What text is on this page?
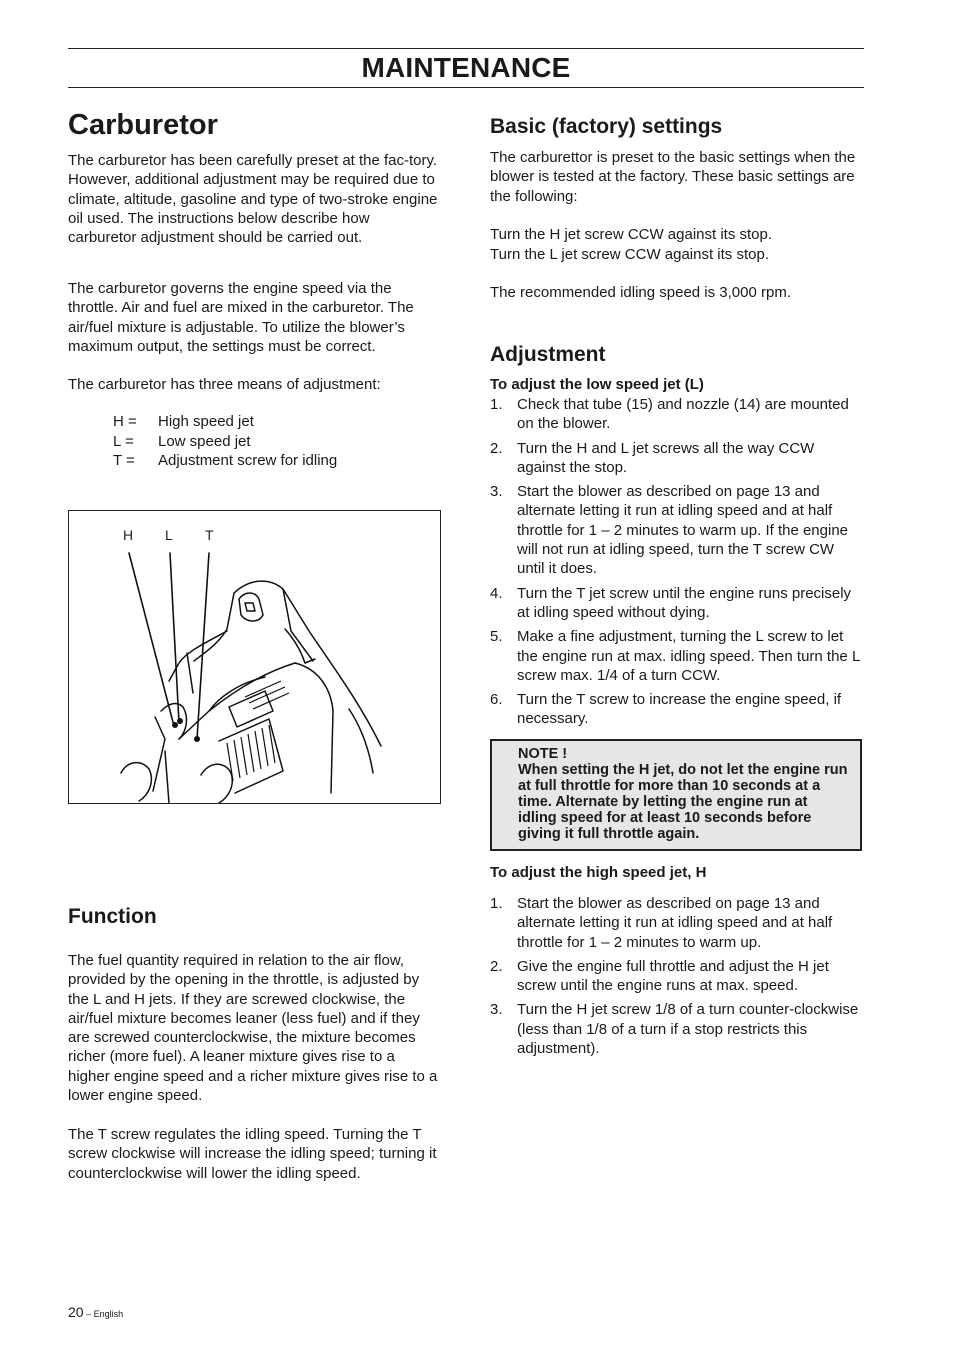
MAINTENANCE
Carburetor

The carburetor has been carefully preset at the fac-tory. However, additional adjustment may be required due to climate, altitude, gasoline and type of two-stroke engine oil used. The instructions below describe how carburetor adjustment should be carried out.

The carburetor governs the engine speed via the throttle. Air and fuel are mixed in the carburetor. The air/fuel mixture is adjustable. To utilize the blower’s maximum output, the settings must be correct.

The carburetor has three means of adjustment:

H =	High speed jet
L =	Low speed jet
T =	Adjustment screw for idling
H L T
Function

The fuel quantity required in relation to the air flow, provided by the opening in the throttle, is adjusted by the L and H jets. If they are screwed clockwise, the air/fuel mixture becomes leaner (less fuel) and if they are screwed counterclockwise, the mixture becomes richer (more fuel). A leaner mixture gives rise to a higher engine speed and a richer mixture gives rise to a lower engine speed.

The T screw regulates the idling speed. Turning the T screw clockwise will increase the idling speed; turning it counterclockwise will lower the idling speed.

Basic (factory) settings

The carburettor is preset to the basic settings when the blower is tested at the factory. These basic settings are the following:

Turn the H jet screw CCW against its stop.

Turn the L jet screw CCW against its stop.

The recommended idling speed is 3,000 rpm.

Adjustment
To adjust the low speed jet (L)
1. Check that tube (15) and nozzle (14) are mounted on the blower.
2. Turn the H and L jet screws all the way CCW against the stop.
3. Start the blower as described on page 13 and alternate letting it run at idling speed and at half throttle for 1 – 2 minutes to warm up. If the engine will not run at idling speed, turn the T screw CW until it does.
4. Turn the T jet screw until the engine runs precisely at idling speed without dying.
5. Make a fine adjustment, turning the L screw to let the engine run at max. idling speed. Then turn the L screw max. 1/4 of a turn CCW.
6. Turn the T screw to increase the engine speed, if necessary.
NOTE !
When setting the H jet, do not let the engine run at full throttle for more than 10 seconds at a time. Alternate by letting the engine run at idling speed for at least 10 seconds before giving it full throttle again.
To adjust the high speed jet, H
1. Start the blower as described on page 13 and alternate letting it run at idling speed and at half throttle for 1 – 2 minutes to warm up.
2. Give the engine full throttle and adjust the H jet screw until the engine runs at max. speed.
3. Turn the H jet screw 1/8 of a turn counter-clockwise (less than 1/8 of a turn if a stop restricts this adjustment).
20 – English
